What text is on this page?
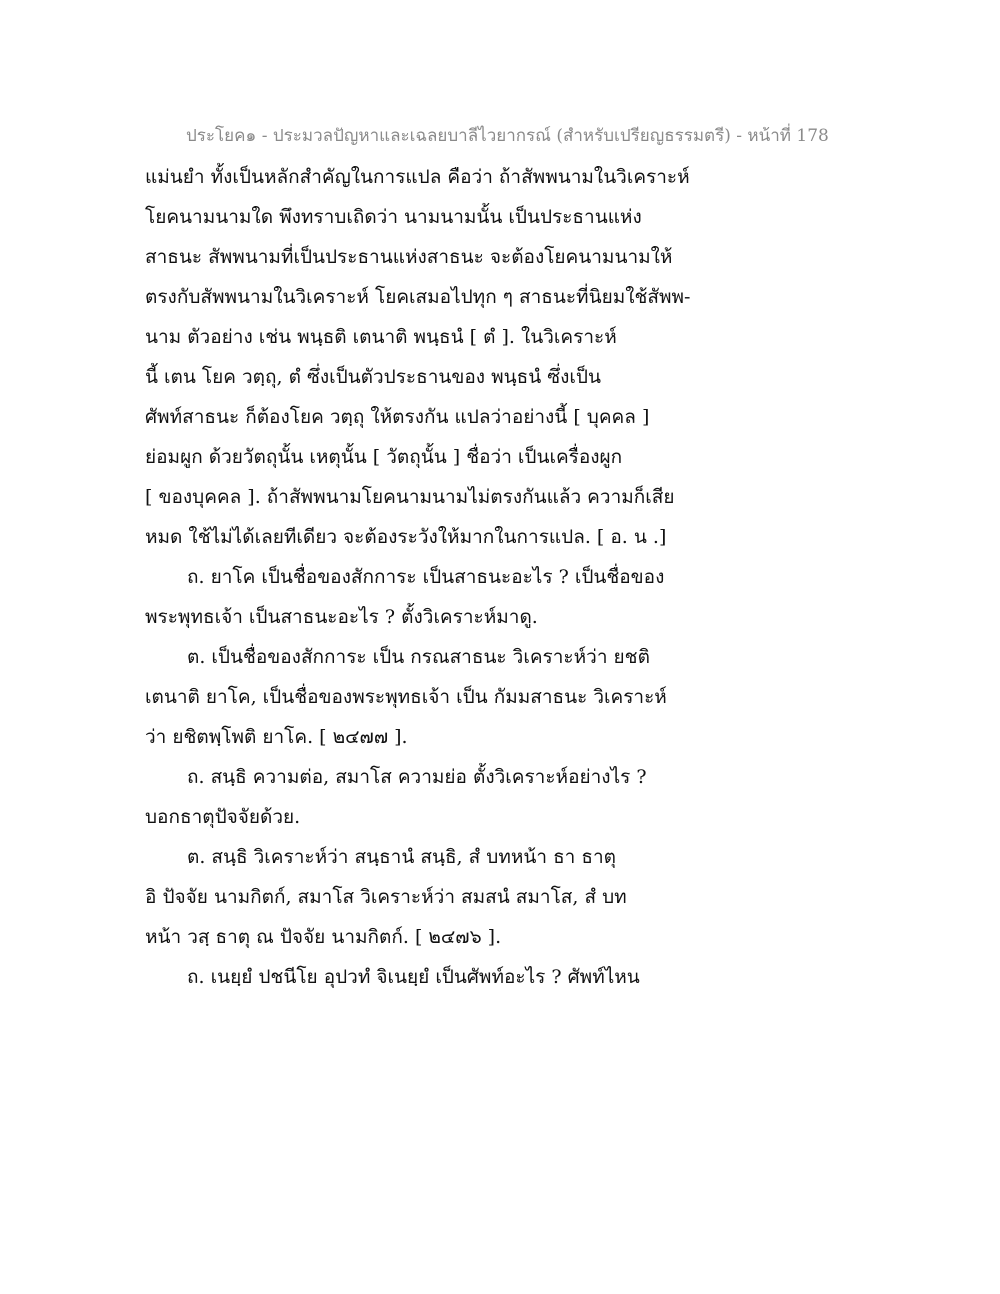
ประโยค๑ - ประมวลปัญหาและเฉลยบาลีไวยากรณ์ (สำหรับเปรียญธรรมตรี) - หน้าที่ 178
แม่นยำ ทั้งเป็นหลักสำคัญในการแปล คือว่า ถ้าสัพพนามในวิเคราะห์
โยคนามนามใด พึงทราบเถิดว่า นามนามนั้น เป็นประธานแห่ง
สาธนะ สัพพนามที่เป็นประธานแห่งสาธนะ จะต้องโยคนามนามให้
ตรงกับสัพพนามในวิเคราะห์ โยคเสมอไปทุก ๆ สาธนะที่นิยมใช้สัพพ-
นาม ตัวอย่าง เช่น พนฺธติ เตนาติ พนฺธนํ [ ตํ ]. ในวิเคราะห์
นี้ เตน โยค วตฺถุ, ตํ ซึ่งเป็นตัวประธานของ พนฺธนํ ซึ่งเป็น
ศัพท์สาธนะ ก็ต้องโยค วตฺถุ ให้ตรงกัน แปลว่าอย่างนี้ [ บุคคล ]
ย่อมผูก ด้วยวัตถุนั้น เหตุนั้น [ วัตถุนั้น ] ชื่อว่า เป็นเครื่องผูก
[ ของบุคคล ]. ถ้าสัพพนามโยคนามนามไม่ตรงกันแล้ว ความก็เสีย
หมด ใช้ไม่ได้เลยทีเดียว จะต้องระวังให้มากในการแปล. [ อ. น .]
ถ. ยาโค เป็นชื่อของสักการะ เป็นสาธนะอะไร ? เป็นชื่อของ
พระพุทธเจ้า เป็นสาธนะอะไร ? ตั้งวิเคราะห์มาดู.
ต. เป็นชื่อของสักการะ เป็น กรณสาธนะ วิเคราะห์ว่า ยชติ
เตนาติ ยาโค, เป็นชื่อของพระพุทธเจ้า เป็น กัมมสาธนะ วิเคราะห์
ว่า ยชิตพฺโพติ ยาโค. [ ๒๔๗๗ ].
ถ. สนฺธิ ความต่อ, สมาโส ความย่อ ตั้งวิเคราะห์อย่างไร ?
บอกธาตุปัจจัยด้วย.
ต. สนฺธิ วิเคราะห์ว่า สนฺธานํ สนฺธิ, สํ บทหน้า ธา ธาตุ
อิ ปัจจัย นามกิตก์, สมาโส วิเคราะห์ว่า สมสนํ สมาโส, สํ บท
หน้า วสฺ ธาตุ ณ ปัจจัย นามกิตก์. [ ๒๔๗๖ ].
ถ. เนยฺยํ ปชนีโย อุปวทํ จิเนยฺยํ เป็นศัพท์อะไร ? ศัพท์ไหน
